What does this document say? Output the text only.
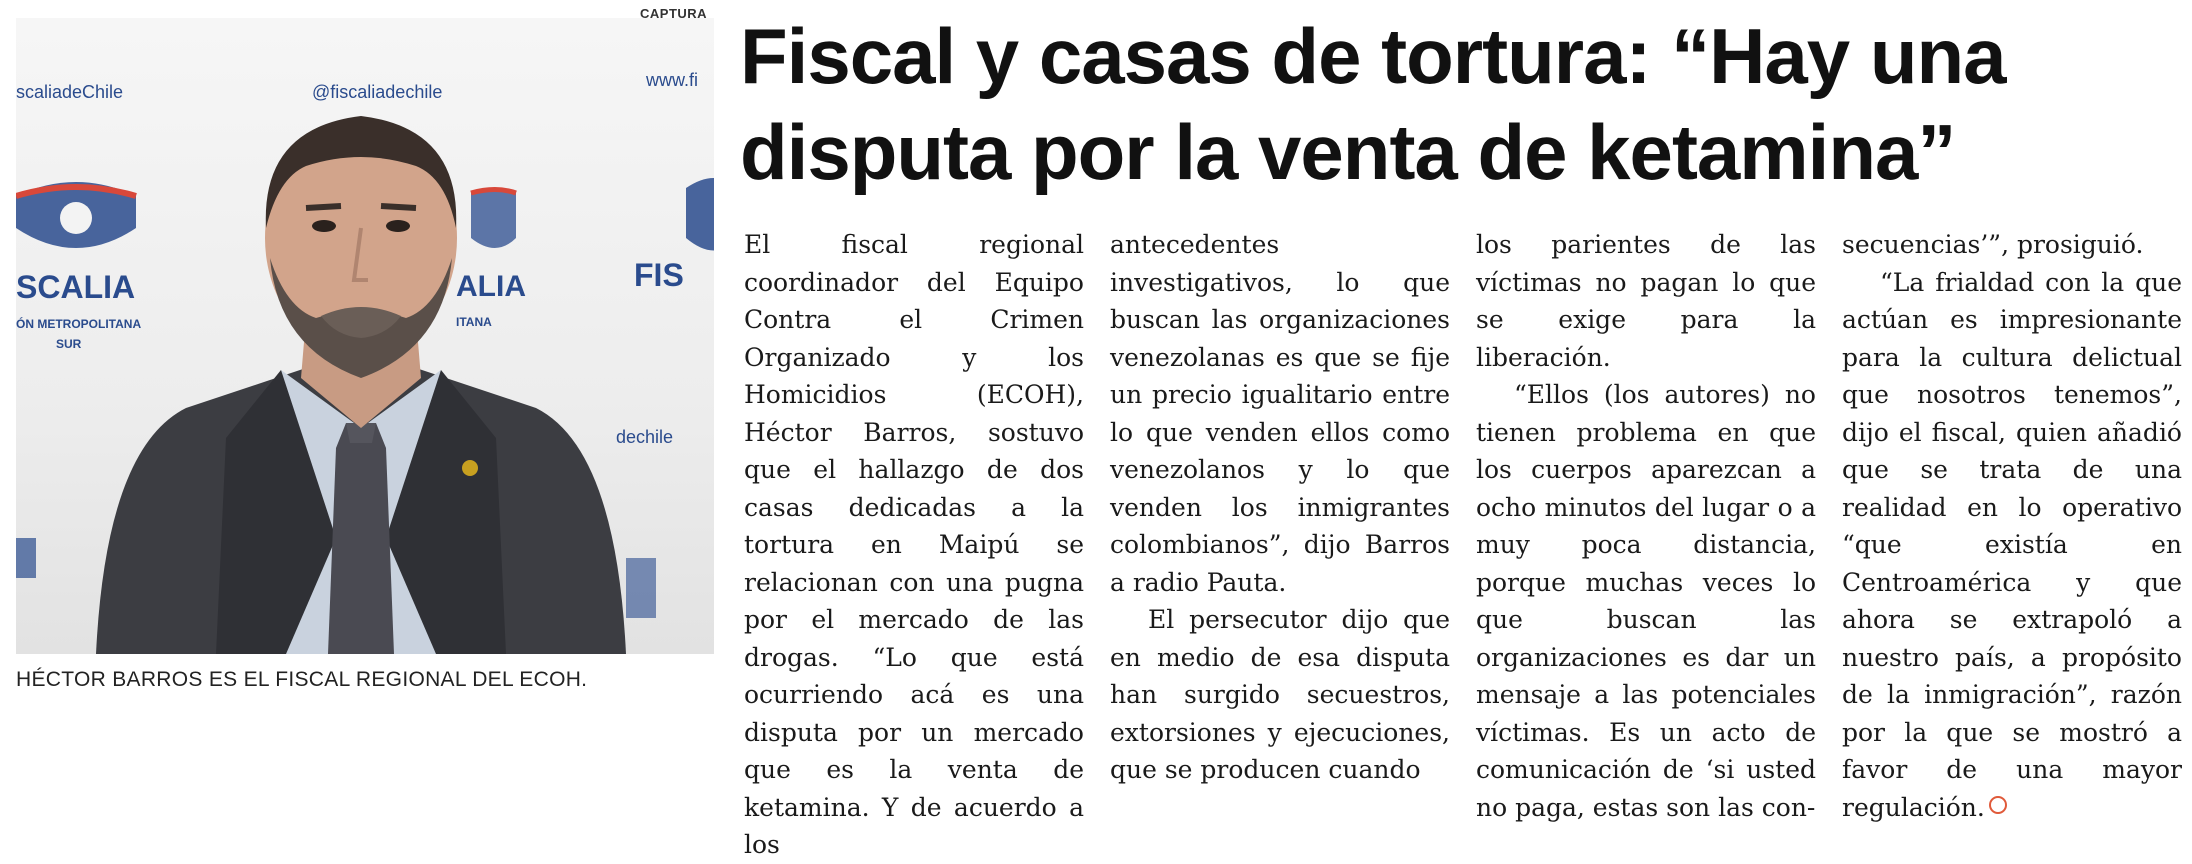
scaliadeChile	@fiscaliadechile
www.fi
SCALIA
ÓN METROPOLITANA
SUR
FIS
ALIA
ITANA
dechile
CAPTURA
HÉCTOR BARROS ES EL FISCAL REGIONAL DEL ECOH.
Fiscal y casas de tortura: “Hay una
disputa por la venta de ketamina”

El fiscal regional coordinador del Equipo Contra el Crimen Organizado y los Homicidios (ECOH), Héctor Barros, sostuvo que el hallazgo de dos casas dedicadas a la tortura en Maipú se relacionan con una pugna por el mercado de las drogas. “Lo que está ocurriendo acá es una disputa por un mercado que es la venta de ketamina. Y de acuerdo a los

antecedentes investigativos, lo que buscan las organizaciones venezolanas es que se fije un precio igualitario entre lo que venden ellos como venezolanos y lo que venden los inmigrantes colombianos”, dijo Barros a radio Pauta.

El persecutor dijo que en medio de esa disputa han surgido secuestros, extorsiones y ejecuciones, que se producen cuando

los parientes de las víctimas no pagan lo que se exige para la liberación.

“Ellos (los autores) no tienen problema en que los cuerpos aparezcan a ocho minutos del lugar o a muy poca distancia, porque muchas veces lo que buscan las organizaciones es dar un mensaje a las potenciales víctimas. Es un acto de comunicación de ‘si usted no paga, estas son las con-

secuencias’”, prosiguió.

“La frialdad con la que actúan es impresionante para la cultura delictual que nosotros tenemos”, dijo el fiscal, quien añadió que se trata de una realidad en lo operativo “que existía en Centroamérica y que ahora se extrapoló a nuestro país, a propósito de la inmigración”, razón por la que se mostró a favor de una mayor regulación.
